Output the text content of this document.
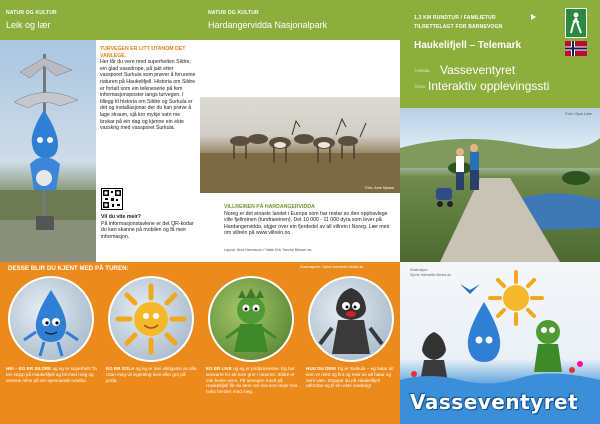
NATUR OG KULTUR
Leik og lær
TURVEGEN ER LITT UTANOM DET VANLEGE.
Her får du vere med superhelten Sildre, ein glad vassdrope, på jakt etter vassporet Surkula som prøver å forureine naturen på Haukelifjell. Historia om Sildre er fortalt som ein teikneserie på fem informasjonsposter langs turvegen. I tillegg til historia om Sildre og Surkula er det og installasjonar der du kan prøve å lage straum, sjå kor mykje vatn me brukar på ein dag og kjenne ein ekte vasskrig med vassporet Surkula.
Vil du vite meir?
På informasjonstavlene er det QR-kodar du kan skanne på mobilen og få meir informasjon.
NATUR OG KULTUR
Hardangervidda Nasjonalpark
Foto: Arne Nyland
VILLREINEN PÅ HARDANGERVIDDA
Noreg er det einaste landet i Europa som har restar av den opphavlege ville fjellreinen (tundrareinen). Det 10 000 - 11 000 dyra som lever på Hardangervidda, utgjer over ein fjerdedel av all villrein i Noreg. Lær meir om villrein på www.villrein.no
Layout: Nina Naemsoot // Vaikk Erik Tanche Nilssen as.
1,3 KM RUNDTUR / FAMILIETUR
TILRETTELAGT FOR BARNEVOGN
Haukelifjell – Telemark
TURMÅL Vasseventyret
TEMA Interaktiv opplevingssti
Foto: Oyvo Laire
DESSE BLIR DU KJENT MED PÅ TUREN:	Illustrasjoner: Sylvie Interaktiv Media as
HEI – EG ER SILDRE og eg er superhelt! Ta ein stopp på Haukelifjell og bli med meg og venene mine på ein spennande rundtur.
EG ER SOLA og eg er den viktigaste av alle. Utan meg vil ingenting leve eller gro på jorda.
EG ER LIVE og eg er jordprinsesse. Eg har ansvaret for alt som gror i naturen. Sildre er min beste venn. På turvegen rundt på Haukelifjell får du lære om kva som skjer hos noko hender med meg.
HUU DU DER! Eg er Surkula – eg hatar alt som er reint og fint og meir av alt hatar eg reint vatn. Stoppar du på Haukelifjell utfordrar eg til ein ekte vasskrig!
Illustrasjon:
Sylvie Interaktiv Media as
Vasseventyret
